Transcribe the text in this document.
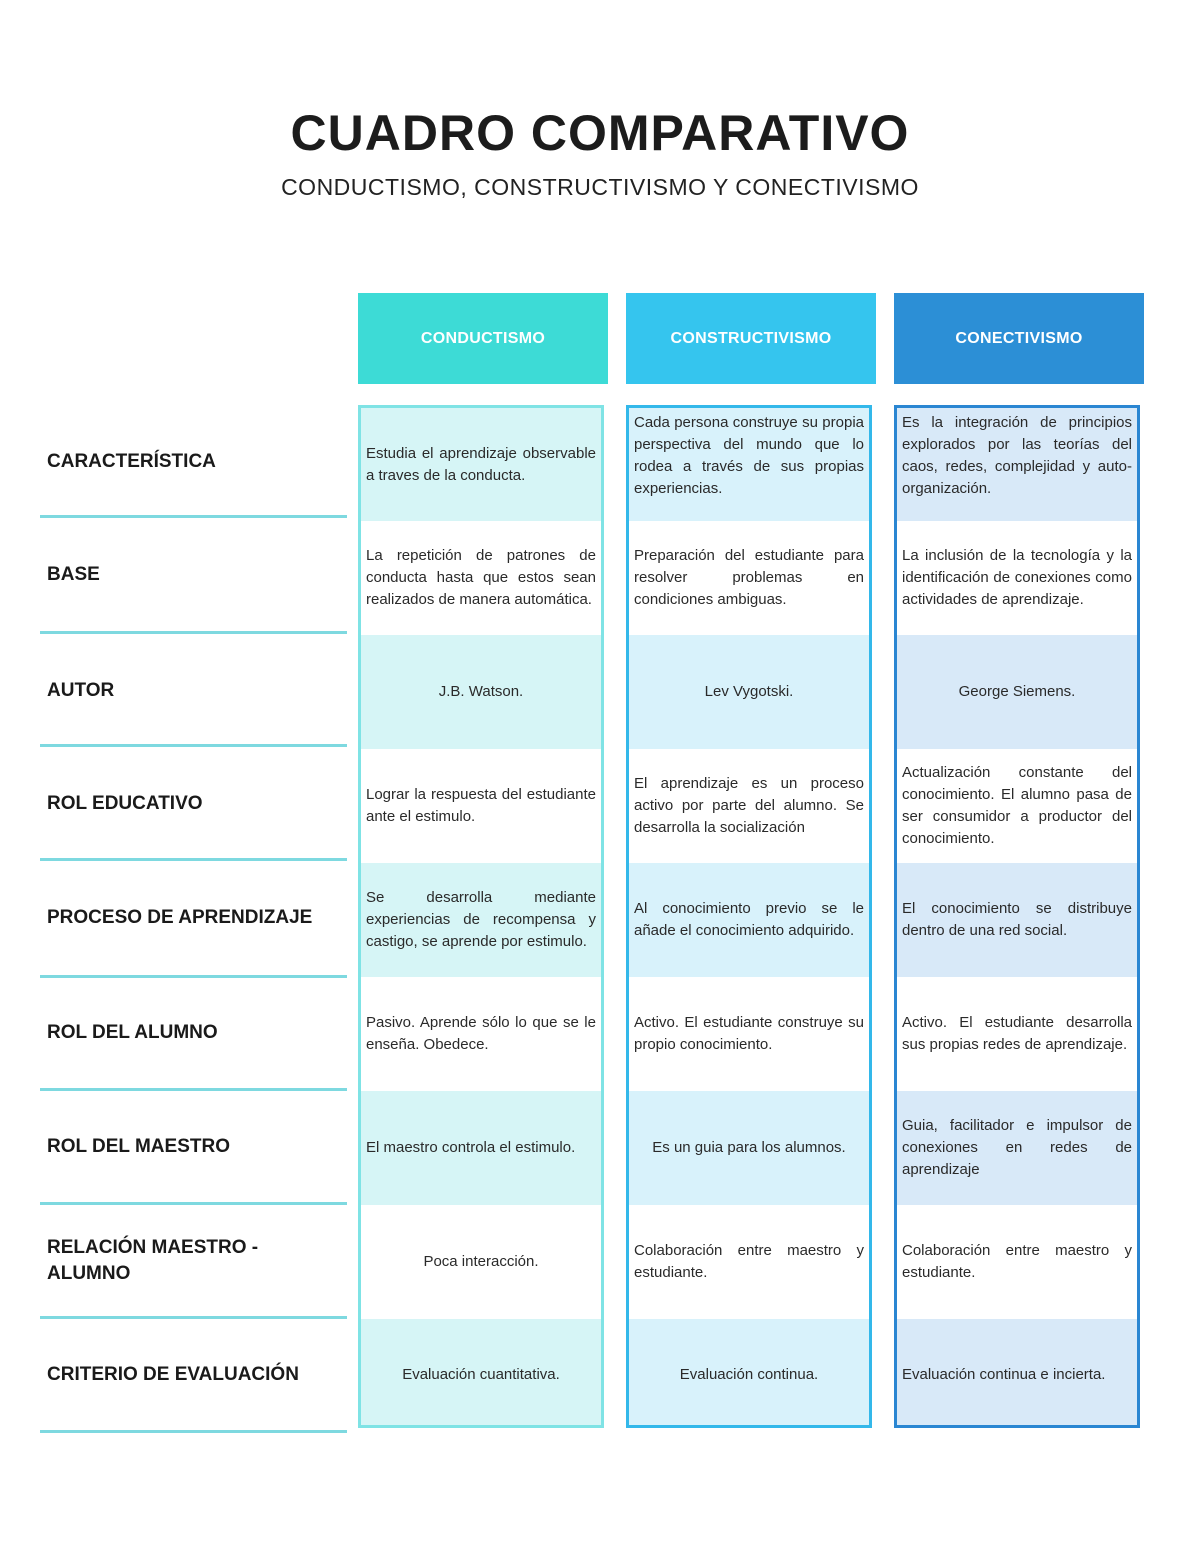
CUADRO COMPARATIVO
CONDUCTISMO, CONSTRUCTIVISMO Y CONECTIVISMO
CONDUCTISMO	CONSTRUCTIVISMO	CONECTIVISMO
CARACTERÍSTICA
BASE
AUTOR
ROL EDUCATIVO
PROCESO DE APRENDIZAJE
ROL DEL ALUMNO
ROL DEL MAESTRO
RELACIÓN MAESTRO - ALUMNO
CRITERIO DE EVALUACIÓN
Estudia el aprendizaje observable a traves de la conducta.
La repetición de patrones de conducta hasta que estos sean realizados de manera automática.
J.B. Watson.
Lograr la respuesta del estudiante ante el estimulo.
Se desarrolla mediante experiencias de recompensa y castigo, se aprende por estimulo.
Pasivo. Aprende sólo lo que se le enseña. Obedece.
El maestro controla el estimulo.
Poca interacción.
Evaluación cuantitativa.
Cada persona construye su propia perspectiva del mundo que lo rodea a través de sus propias experiencias.
Preparación del estudiante para resolver problemas en condiciones ambiguas.
Lev Vygotski.
El aprendizaje es un proceso activo por parte del alumno. Se desarrolla la socialización
Al conocimiento previo se le añade el conocimiento adquirido.
Activo. El estudiante construye su propio conocimiento.
Es un guia para los alumnos.
Colaboración entre maestro y estudiante.
Evaluación continua.
Es la integración de principios explorados por las teorías del caos, redes, complejidad y auto-organización.
La inclusión de la tecnología y la identificación de conexiones como actividades de aprendizaje.
George Siemens.
Actualización constante del conocimiento. El alumno pasa de ser consumidor a productor del conocimiento.
El conocimiento se distribuye dentro de una red social.
Activo. El estudiante desarrolla sus propias redes de aprendizaje.
Guia, facilitador e impulsor de conexiones en redes de aprendizaje
Colaboración entre maestro y estudiante.
Evaluación continua e incierta.
